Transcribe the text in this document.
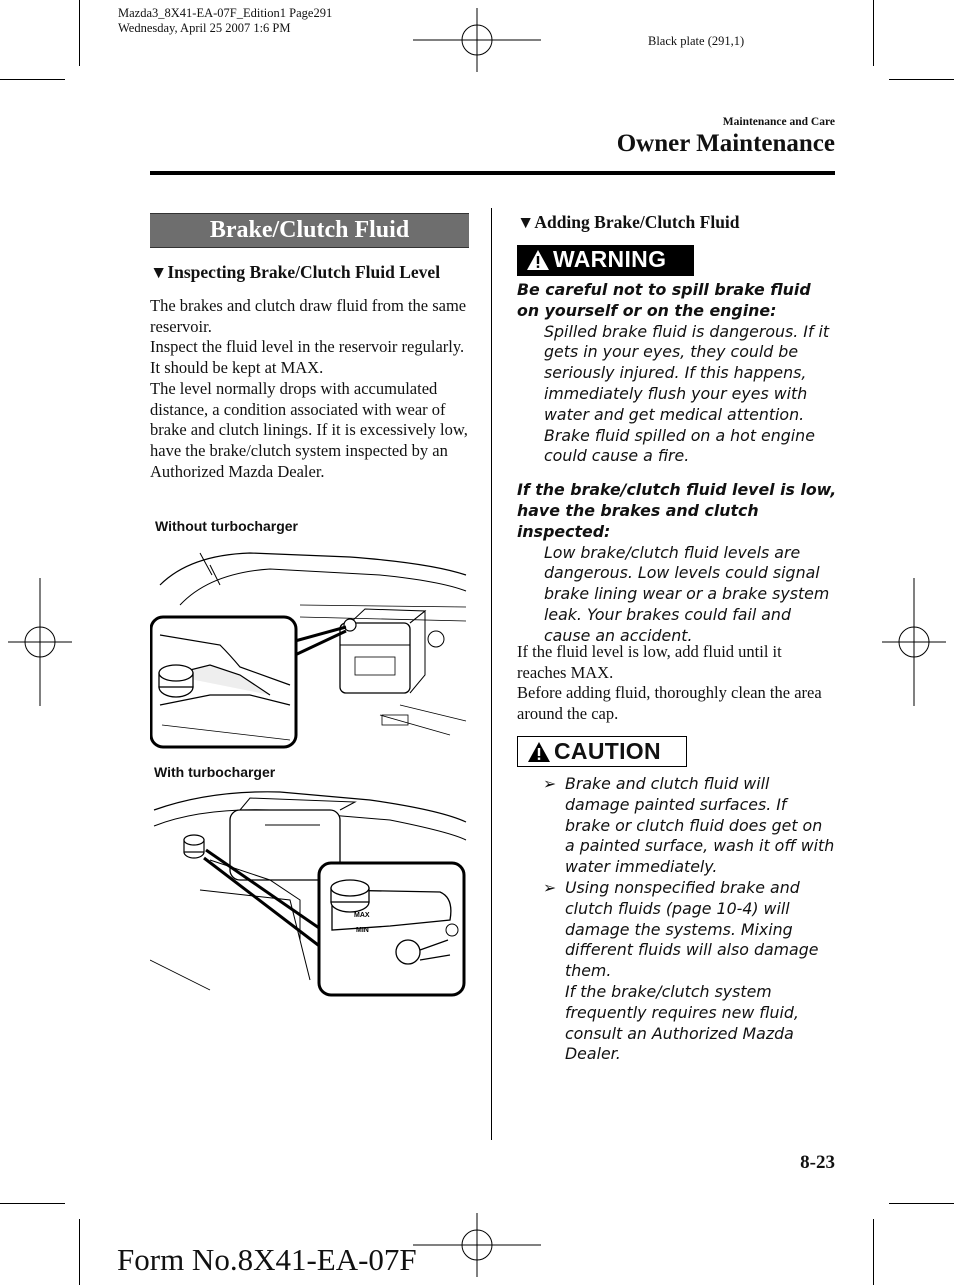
Mazda3_8X41-EA-07F_Edition1 Page291
Wednesday, April 25 2007 1:6 PM
Black plate (291,1)
Maintenance and Care
Owner Maintenance
Brake/Clutch Fluid
▼Inspecting Brake/Clutch Fluid Level

The brakes and clutch draw fluid from the same reservoir.

Inspect the fluid level in the reservoir regularly. It should be kept at MAX.

The level normally drops with accumulated distance, a condition associated with wear of brake and clutch linings. If it is excessively low, have the brake/clutch system inspected by an Authorized Mazda Dealer.

Without turbocharger
With turbocharger
MAX
MIN
▼Adding Brake/Clutch Fluid
WARNING
Be careful not to spill brake fluid on yourself or on the engine:
Spilled brake fluid is dangerous. If it gets in your eyes, they could be seriously injured. If this happens, immediately flush your eyes with water and get medical attention. Brake fluid spilled on a hot engine could cause a fire.
If the brake/clutch fluid level is low, have the brakes and clutch inspected:
Low brake/clutch fluid levels are dangerous. Low levels could signal brake lining wear or a brake system leak. Your brakes could fail and cause an accident.

If the fluid level is low, add fluid until it reaches MAX.

Before adding fluid, thoroughly clean the area around the cap.

CAUTION
➢ Brake and clutch fluid will damage painted surfaces. If brake or clutch fluid does get on a painted surface, wash it off with water immediately.
➢ Using nonspecified brake and clutch fluids (page 10-4) will damage the systems. Mixing different fluids will also damage them.
If the brake/clutch system frequently requires new fluid, consult an Authorized Mazda Dealer.
8-23
Form No.8X41-EA-07F
